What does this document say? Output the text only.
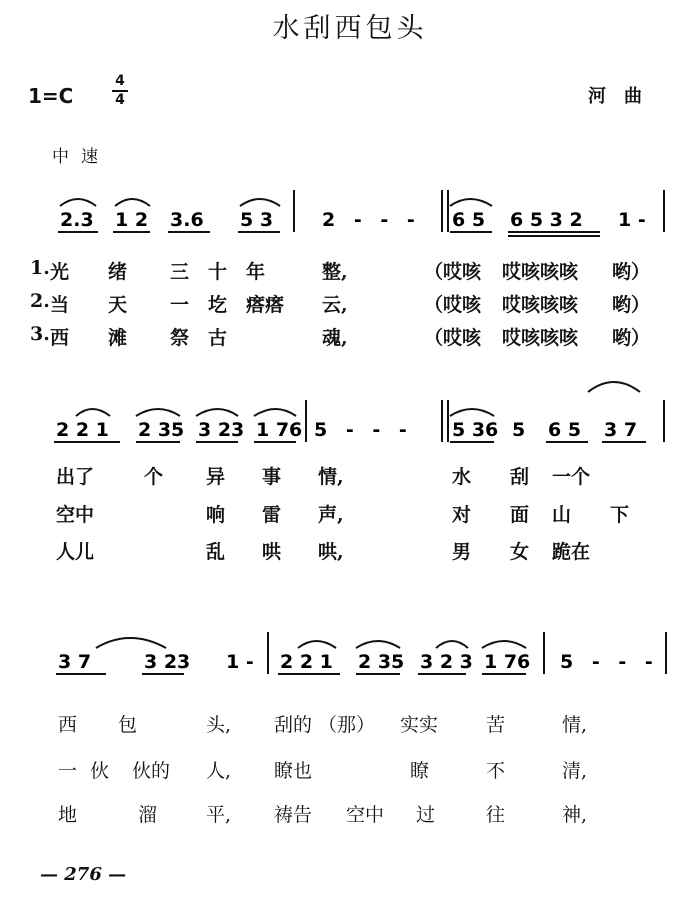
水刮西包头
1=C
4
4	河曲
中速
2.3 1 2 3.6 5 3	2 - - - 6 5 6 5 3 2 1 -
2 2 1 2 35 3 23 1 76 5 - - - 5 36 5 6 5 3 7
3 7	3 23 1 - 2 2 1 2 35 3 2 3 1 76 5 - - -
1. 光 绪 三 十 年	整,	（哎咳 哎咳咳咳 哟）
2. 当 天 一 圪 瘩瘩 云,	（哎咳 哎咳咳咳 哟）
3. 西 滩 祭 古	魂,	（哎咳 哎咳咳咳 哟）
出了	个 异 事 情,	水 刮 一个
空中	响 雷 声,	对 面 山 下
人儿	乱 哄 哄,	男 女 跪在
西 包	头, 刮的 （那） 实实	苦	情,
一 伙 伙的 人, 瞭也	瞭	不	清,
地	溜	平, 祷告 空中 过	往	神,
— 276 —
